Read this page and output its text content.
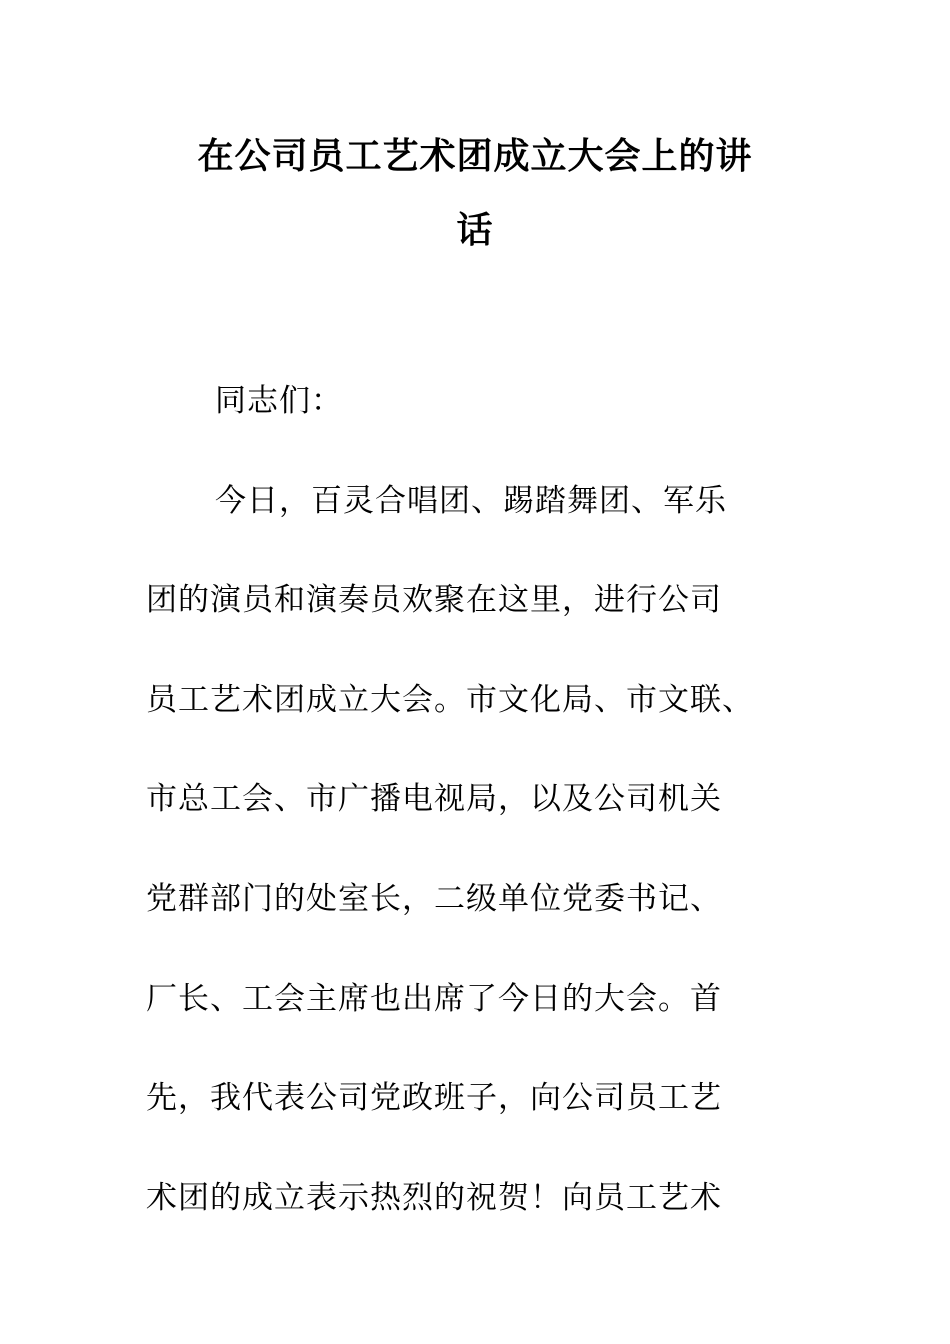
在公司员工艺术团成立大会上的讲
话
同志们：
今日，百灵合唱团、踢踏舞团、军乐
团的演员和演奏员欢聚在这里，进行公司
员工艺术团成立大会。市文化局、市文联、
市总工会、市广播电视局，以及公司机关
党群部门的处室长，二级单位党委书记、
厂长、工会主席也出席了今日的大会。首
先，我代表公司党政班子，向公司员工艺
术团的成立表示热烈的祝贺！向员工艺术
